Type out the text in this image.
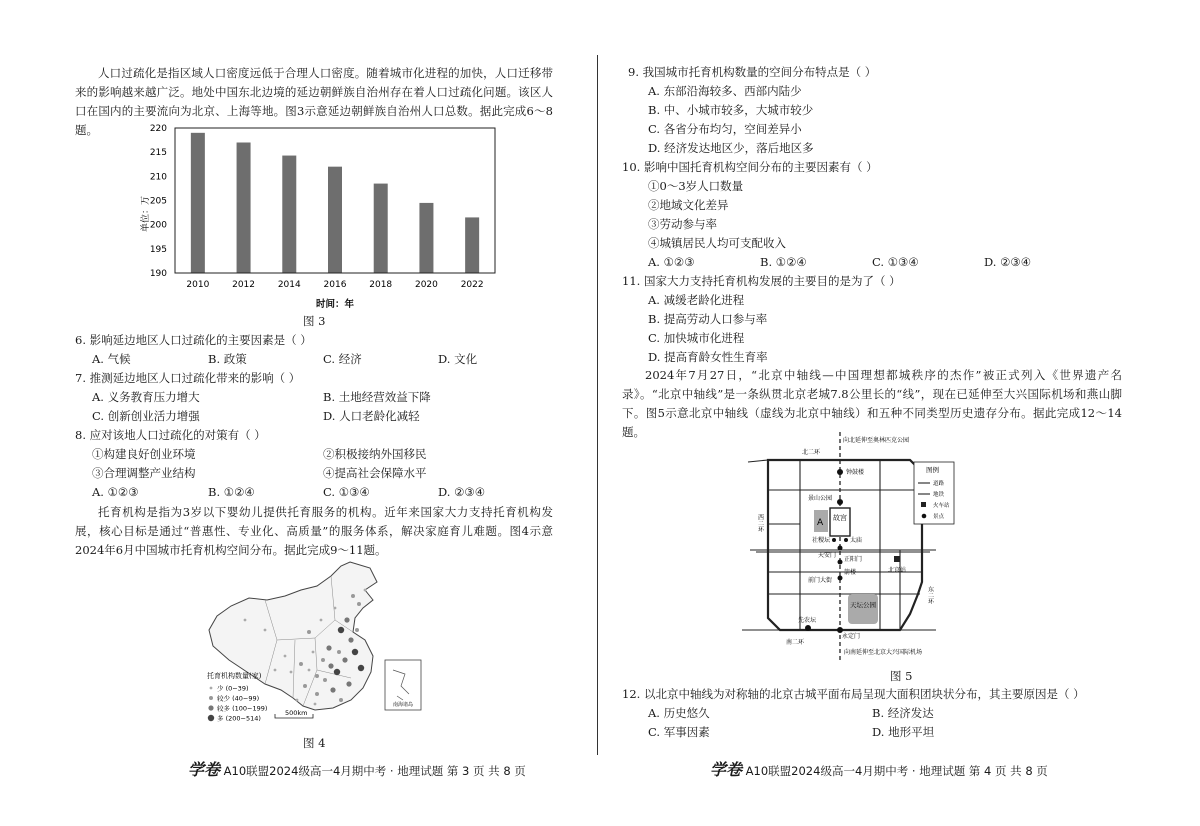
人口过疏化是指区域人口密度远低于合理人口密度。随着城市化进程的加快，人口迁移带来的影响越来越广泛。地处中国东北边境的延边朝鲜族自治州存在着人口过疏化问题。该区人口在国内的主要流向为北京、上海等地。图3示意延边朝鲜族自治州人口总数。据此完成6～8题。
单位：万
190
195
200
205
210
215
220
2010	2012	2014	2016	2018	2020	2022
时间：年
图 3
6. 影响延边地区人口过疏化的主要因素是（ ）
A. 气候	B. 政策	C. 经济	D. 文化
7. 推测延边地区人口过疏化带来的影响（ ）
A. 义务教育压力增大	B. 土地经营效益下降
C. 创新创业活力增强	D. 人口老龄化减轻
8. 应对该地人口过疏化的对策有（ ）
①构建良好创业环境	②积极接纳外国移民
③合理调整产业结构	④提高社会保障水平
A. ①②③	B. ①②④	C. ①③④	D. ②③④
托育机构是指为3岁以下婴幼儿提供托育服务的机构。近年来国家大力支持托育机构发展，核心目标是通过“普惠性、专业化、高质量”的服务体系，解决家庭育儿难题。图4示意2024年6月中国城市托育机构空间分布。据此完成9～11题。
南海诸岛
托育机构数量(家)
少 (0~39)
较少 (40~99)
较多 (100~199)
多 (200~514)
500km
图 4
学卷 A10联盟2024级高一4月期中考 · 地理试题 第 3 页 共 8 页
9. 我国城市托育机构数量的空间分布特点是（ ）
A. 东部沿海较多、西部内陆少
B. 中、小城市较多，大城市较少
C. 各省分布均匀，空间差异小
D. 经济发达地区少，落后地区多
10. 影响中国托育机构空间分布的主要因素有（ ）
①0～3岁人口数量
②地域文化差异
③劳动参与率
④城镇居民人均可支配收入
A. ①②③	B. ①②④	C. ①③④	D. ②③④
11. 国家大力支持托育机构发展的主要目的是为了（ ）
A. 减缓老龄化进程
B. 提高劳动人口参与率
C. 加快城市化进程
D. 提高育龄女性生育率
2024年7月27日，“北京中轴线—中国理想都城秩序的杰作”被正式列入《世界遗产名录》。“北京中轴线”是一条纵贯北京老城7.8公里长的“线”，现在已延伸至大兴国际机场和燕山脚下。图5示意北京中轴线（虚线为北京中轴线）和五种不同类型历史遗存分布。据此完成12～14题。
A 故宫
天坛公园
向北延伸至奥林匹克公园
北二环
钟鼓楼
景山公园
社稷坛	太庙
天安门
正阳门
箭楼
前门大街
北京站
先农坛
永定门
南二环
向南延伸至北京大兴国际机场
西二环
东二环
图例
道路
地铁
火车站
景点
图 5
12. 以北京中轴线为对称轴的北京古城平面布局呈现大面积团块状分布，其主要原因是（ ）
A. 历史悠久	B. 经济发达
C. 军事因素	D. 地形平坦
学卷 A10联盟2024级高一4月期中考 · 地理试题 第 4 页 共 8 页
